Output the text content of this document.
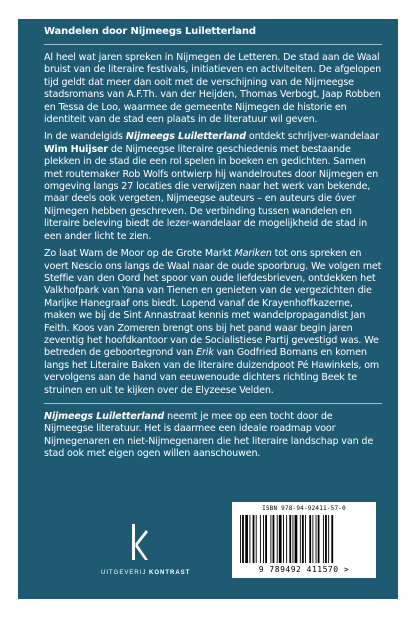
Wandelen door Nijmeegs Luiletterland

Al heel wat jaren spreken in Nijmegen de Letteren. De stad aan de Waal bruist van de literaire festivals, initiatieven en activiteiten. De afgelopen tijd geldt dat meer dan ooit met de verschijning van de Nijmeegse stadsromans van A.F.Th. van der Heijden, Thomas Verbogt, Jaap Robben en Tessa de Loo, waarmee de gemeente Nijmegen de historie en identiteit van de stad een plaats in de literatuur wil geven.

In de wandelgids Nijmeegs Luiletterland ontdekt schrijver-wandelaar Wim Huijser de Nijmeegse literaire geschiedenis met bestaande plekken in de stad die een rol spelen in boeken en gedichten. Samen met routemaker Rob Wolfs ontwierp hij wandelroutes door Nijmegen en omgeving langs 27 locaties die verwijzen naar het werk van bekende, maar deels ook vergeten, Nijmeegse auteurs – en auteurs die óver Nijmegen hebben geschreven. De verbinding tussen wandelen en literaire beleving biedt de lezer-wandelaar de mogelijkheid de stad in een ander licht te zien.

Zo laat Wam de Moor op de Grote Markt Mariken tot ons spreken en voert Nescio ons langs de Waal naar de oude spoorbrug. We volgen met Steffie van den Oord het spoor van oude liefdesbrieven, ontdekken het Valkhofpark van Yana van Tienen en genieten van de vergezichten die Marijke Hanegraaf ons biedt. Lopend vanaf de Krayenhoffkazerne, maken we bij de Sint Annastraat kennis met wandelpropagandist Jan Feith. Koos van Zomeren brengt ons bij het pand waar begin jaren zeventig het hoofdkantoor van de Socialistiese Partij gevestigd was. We betreden de geboortegrond van Erik van Godfried Bomans en komen langs het Literaire Baken van de literaire duizendpoot Pé Hawinkels, om vervolgens aan de hand van eeuwenoude dichters richting Beek te struinen en uit te kijken over de Elyzeese Velden.

Nijmeegs Luiletterland neemt je mee op een tocht door de Nijmeegse literatuur. Het is daarmee een ideale roadmap voor Nijmegenaren en niet-Nijmegenaren die het literaire landschap van de stad ook met eigen ogen willen aanschouwen.

UITGEVERIJ KONTRAST
ISBN 978-94-92411-57-0
9 789492 411570 >
